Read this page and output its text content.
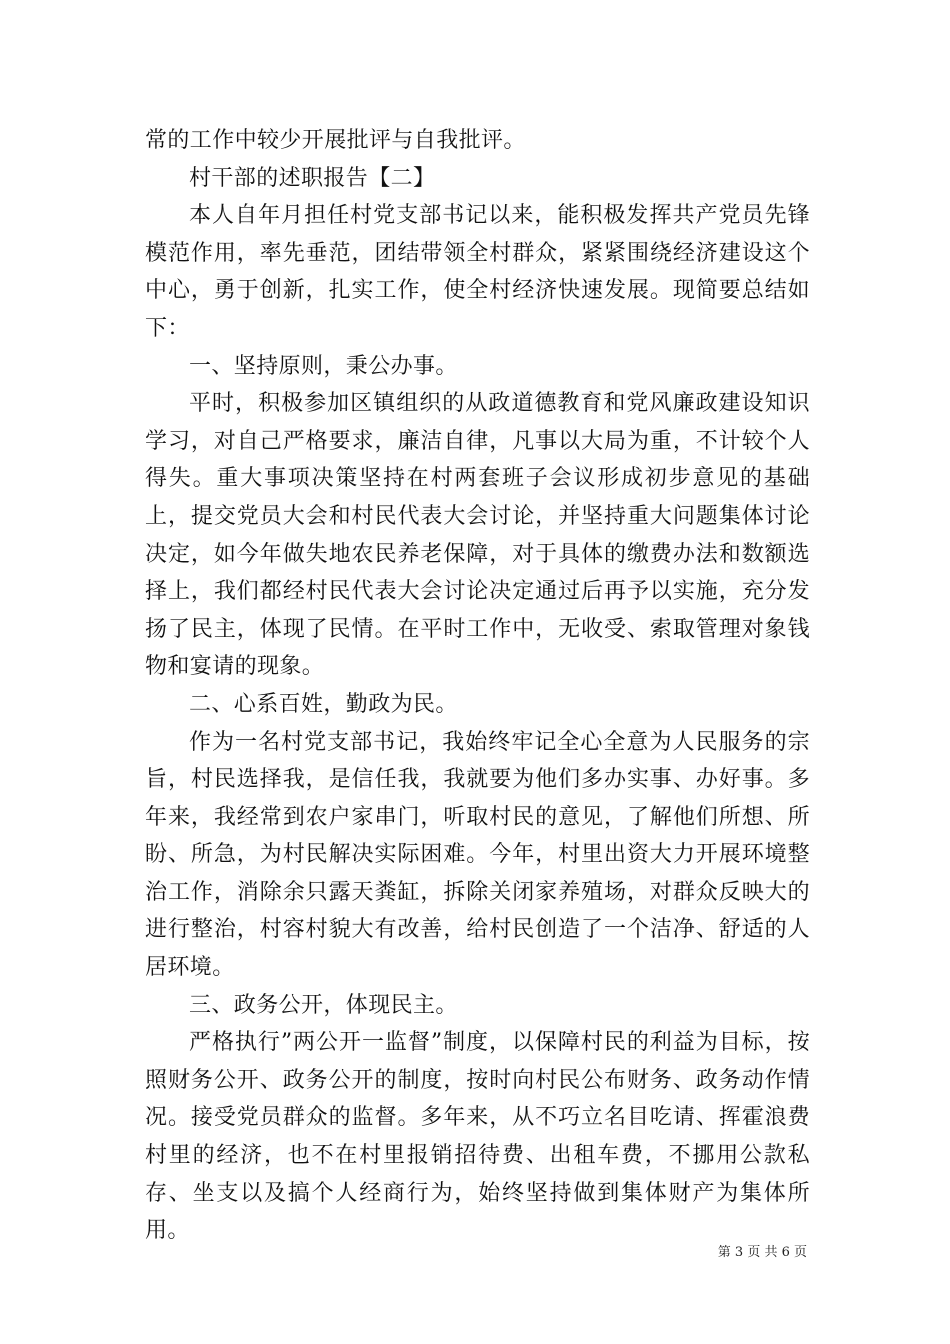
常的工作中较少开展批评与自我批评。

村干部的述职报告【二】

本人自年月担任村党支部书记以来，能积极发挥共产党员先锋模范作用，率先垂范，团结带领全村群众，紧紧围绕经济建设这个中心，勇于创新，扎实工作，使全村经济快速发展。现简要总结如下：

一、坚持原则，秉公办事。

平时，积极参加区镇组织的从政道德教育和党风廉政建设知识学习，对自己严格要求，廉洁自律，凡事以大局为重，不计较个人得失。重大事项决策坚持在村两套班子会议形成初步意见的基础上，提交党员大会和村民代表大会讨论，并坚持重大问题集体讨论决定，如今年做失地农民养老保障，对于具体的缴费办法和数额选择上，我们都经村民代表大会讨论决定通过后再予以实施，充分发扬了民主，体现了民情。在平时工作中，无收受、索取管理对象钱物和宴请的现象。

二、心系百姓，勤政为民。

作为一名村党支部书记，我始终牢记全心全意为人民服务的宗旨，村民选择我，是信任我，我就要为他们多办实事、办好事。多年来，我经常到农户家串门，听取村民的意见，了解他们所想、所盼、所急，为村民解决实际困难。今年，村里出资大力开展环境整治工作，消除余只露天粪缸，拆除关闭家养殖场，对群众反映大的进行整治，村容村貌大有改善，给村民创造了一个洁净、舒适的人居环境。

三、政务公开，体现民主。

严格执行”两公开一监督”制度，以保障村民的利益为目标，按照财务公开、政务公开的制度，按时向村民公布财务、政务动作情况。接受党员群众的监督。多年来，从不巧立名目吃请、挥霍浪费村里的经济，也不在村里报销招待费、出租车费，不挪用公款私存、坐支以及搞个人经商行为，始终坚持做到集体财产为集体所用。

第 3 页 共 6 页
